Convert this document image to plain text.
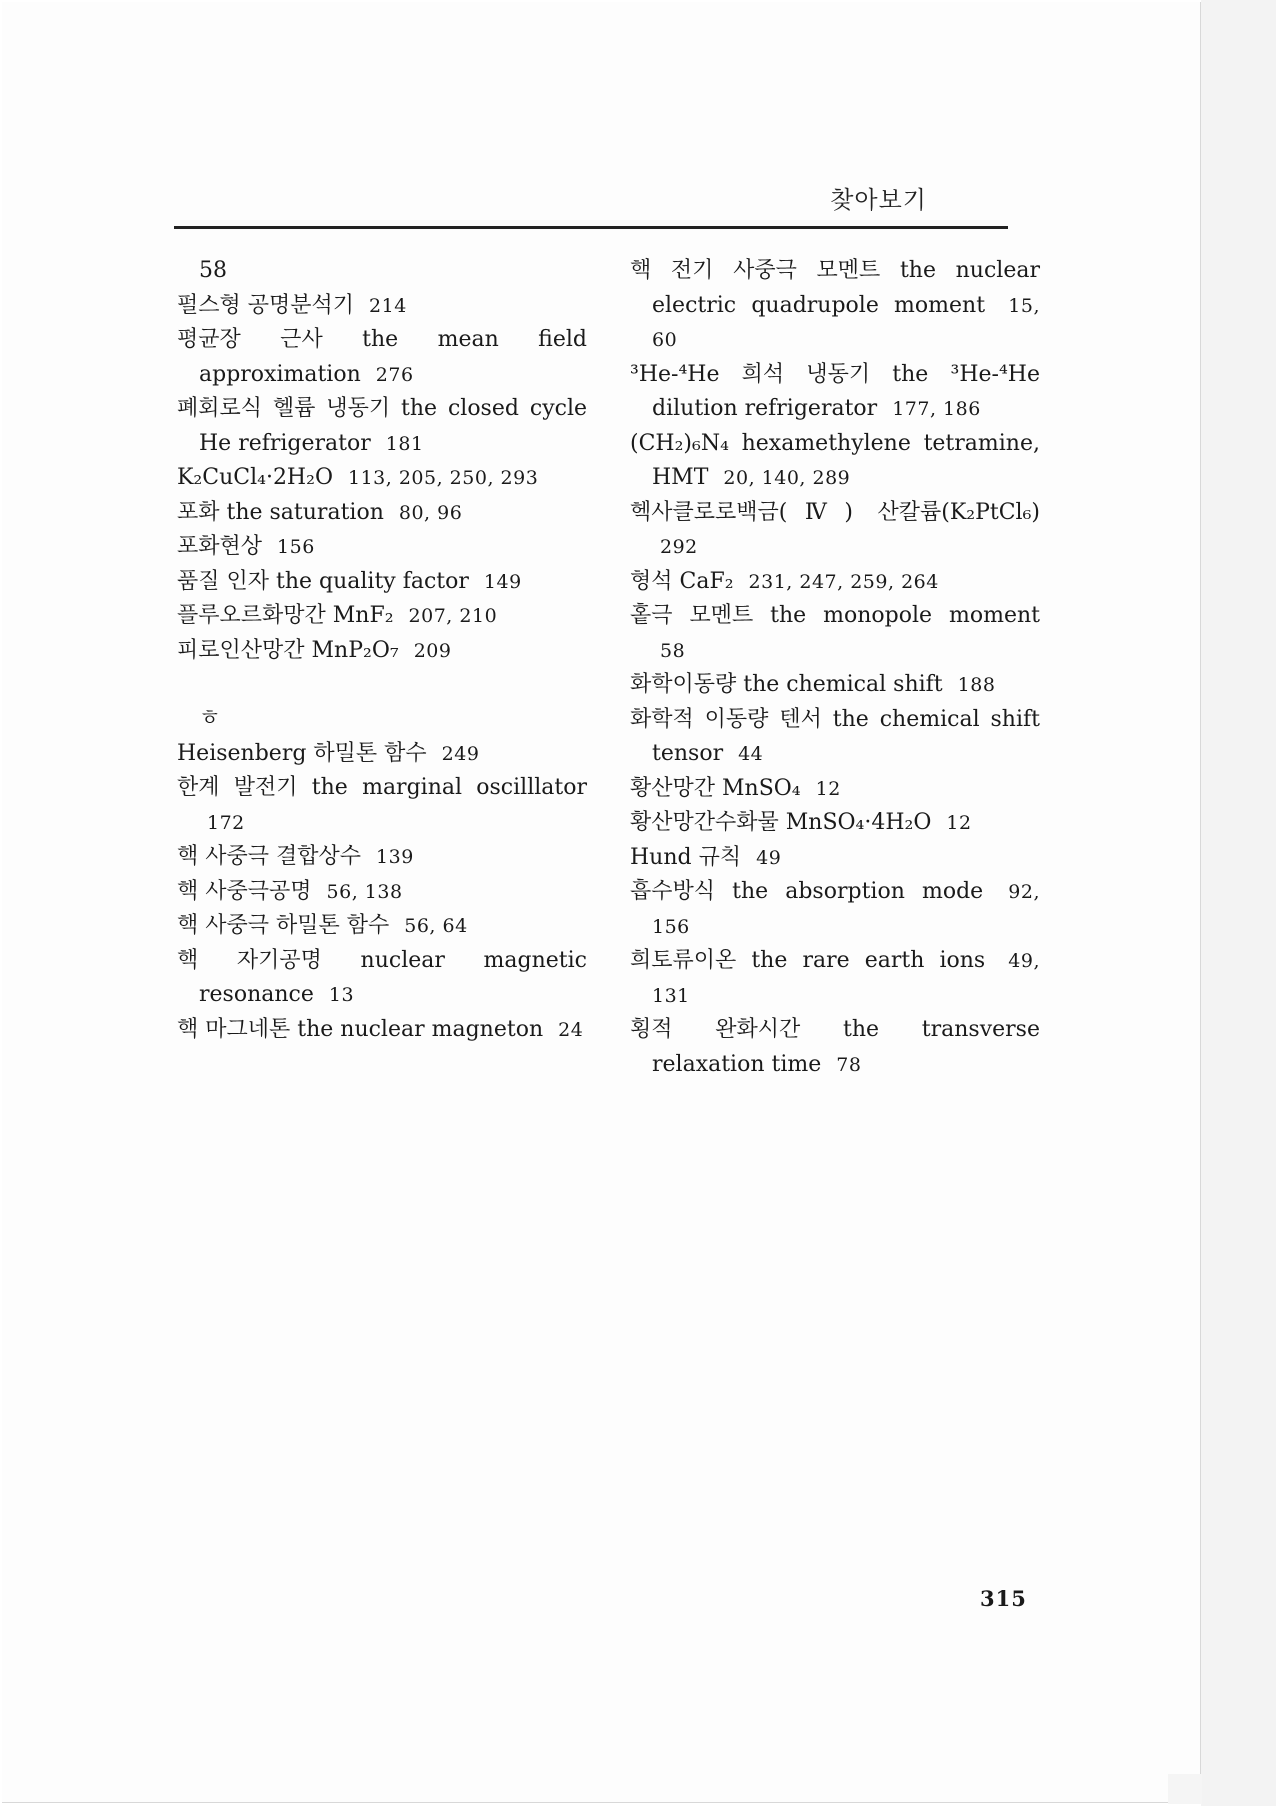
찾아보기
58
펄스형 공명분석기 214
평균장 근사 the mean field approximation 276
폐회로식 헬륨 냉동기 the closed cycle He refrigerator 181
K₂CuCl₄·2H₂O 113, 205, 250, 293
포화 the saturation 80, 96
포화현상 156
품질 인자 the quality factor 149
플루오르화망간 MnF₂ 207, 210
피로인산망간 MnP₂O₇ 209
ㅎ
Heisenberg 하밀톤 함수 249
한계 발전기 the marginal oscilllator 172
핵 사중극 결합상수 139
핵 사중극공명 56, 138
핵 사중극 하밀톤 함수 56, 64
핵 자기공명 nuclear magnetic resonance 13
핵 마그네톤 the nuclear magneton 24
핵 전기 사중극 모멘트 the nuclear electric quadrupole moment 15, 60
³He-⁴He 희석 냉동기 the ³He-⁴He dilution refrigerator 177, 186
(CH₂)₆N₄ hexamethylene tetramine, HMT 20, 140, 289
헥사클로로백금(Ⅳ) 산칼륨(K₂PtCl₆) 292
형석 CaF₂ 231, 247, 259, 264
홑극 모멘트 the monopole moment 58
화학이동량 the chemical shift 188
화학적 이동량 텐서 the chemical shift tensor 44
황산망간 MnSO₄ 12
황산망간수화물 MnSO₄·4H₂O 12
Hund 규칙 49
흡수방식 the absorption mode 92, 156
희토류이온 the rare earth ions 49, 131
횡적 완화시간 the transverse relaxation time 78
315
